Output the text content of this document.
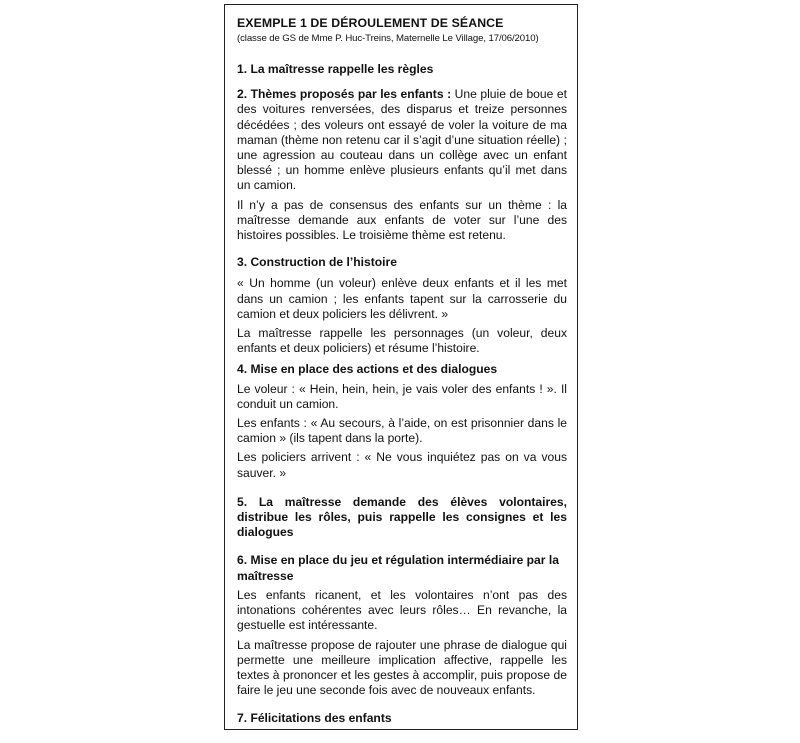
EXEMPLE 1 DE DÉROULEMENT DE SÉANCE

(classe de GS de Mme P. Huc-Treins, Maternelle Le Village, 17/06/2010)

1. La maîtresse rappelle les règles

2. Thèmes proposés par les enfants : Une pluie de boue et des voitures renversées, des disparus et treize personnes décédées ; des voleurs ont essayé de voler la voiture de ma maman (thème non retenu car il s’agit d’une situation réelle) ; une agression au couteau dans un collège avec un enfant blessé ; un homme enlève plusieurs enfants qu’il met dans un camion.

Il n’y a pas de consensus des enfants sur un thème : la maîtresse demande aux enfants de voter sur l’une des histoires possibles. Le troisième thème est retenu.

3. Construction de l’histoire

« Un homme (un voleur) enlève deux enfants et il les met dans un camion ; les enfants tapent sur la carrosserie du camion et deux policiers les délivrent. »

La maîtresse rappelle les personnages (un voleur, deux enfants et deux policiers) et résume l’histoire.

4. Mise en place des actions et des dialogues

Le voleur : « Hein, hein, hein, je vais voler des enfants ! ». Il conduit un camion.

Les enfants : « Au secours, à l’aide, on est prisonnier dans le camion » (ils tapent dans la porte).

Les policiers arrivent : « Ne vous inquiétez pas on va vous sauver. »

5. La maîtresse demande des élèves volontaires, distribue les rôles, puis rappelle les consignes et les dialogues

6. Mise en place du jeu et régulation intermédiaire par la maîtresse

Les enfants ricanent, et les volontaires n’ont pas des intonations cohérentes avec leurs rôles… En revanche, la gestuelle est intéressante.

La maîtresse propose de rajouter une phrase de dialogue qui permette une meilleure implication affective, rappelle les textes à prononcer et les gestes à accomplir, puis propose de faire le jeu une seconde fois avec de nouveaux enfants.

7. Félicitations des enfants
